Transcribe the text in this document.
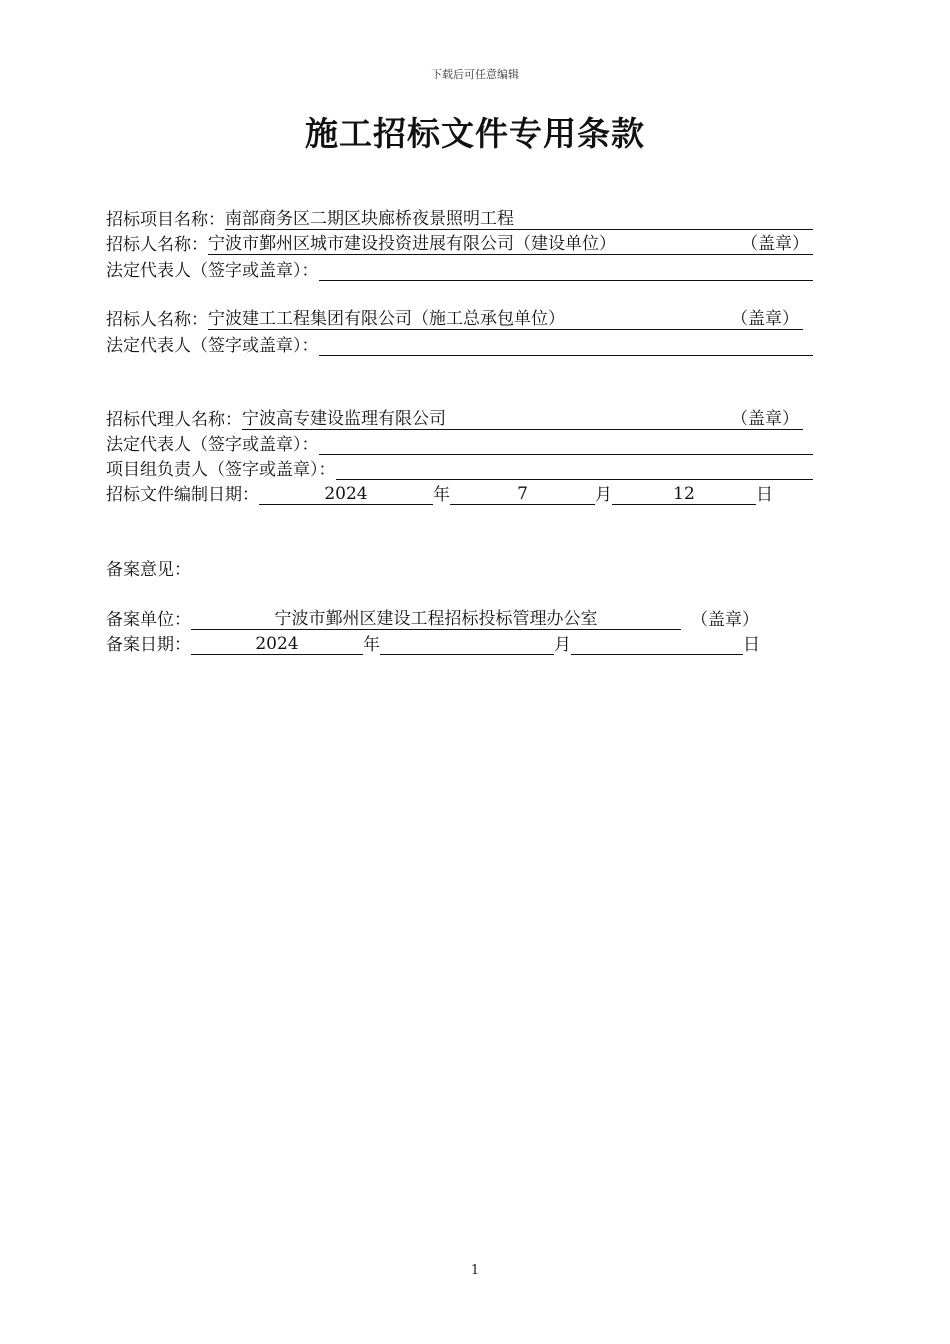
下载后可任意编辑
施工招标文件专用条款
招标项目名称： 南部商务区二期区块廊桥夜景照明工程
招标人名称： 宁波市鄞州区城市建设投资进展有限公司（建设单位）	（盖章）
法定代表人（签字或盖章）：
招标人名称： 宁波建工工程集团有限公司（施工总承包单位）	（盖章）
法定代表人（签字或盖章）：
招标代理人名称： 宁波高专建设监理有限公司	（盖章）
法定代表人（签字或盖章）：
项目组负责人（签字或盖章）：
招标文件编制日期：	2024	年	7	月	12	日
备案意见：
备案单位：	宁波市鄞州区建设工程招标投标管理办公室	（盖章）
备案日期：	2024	年	月	日
1
